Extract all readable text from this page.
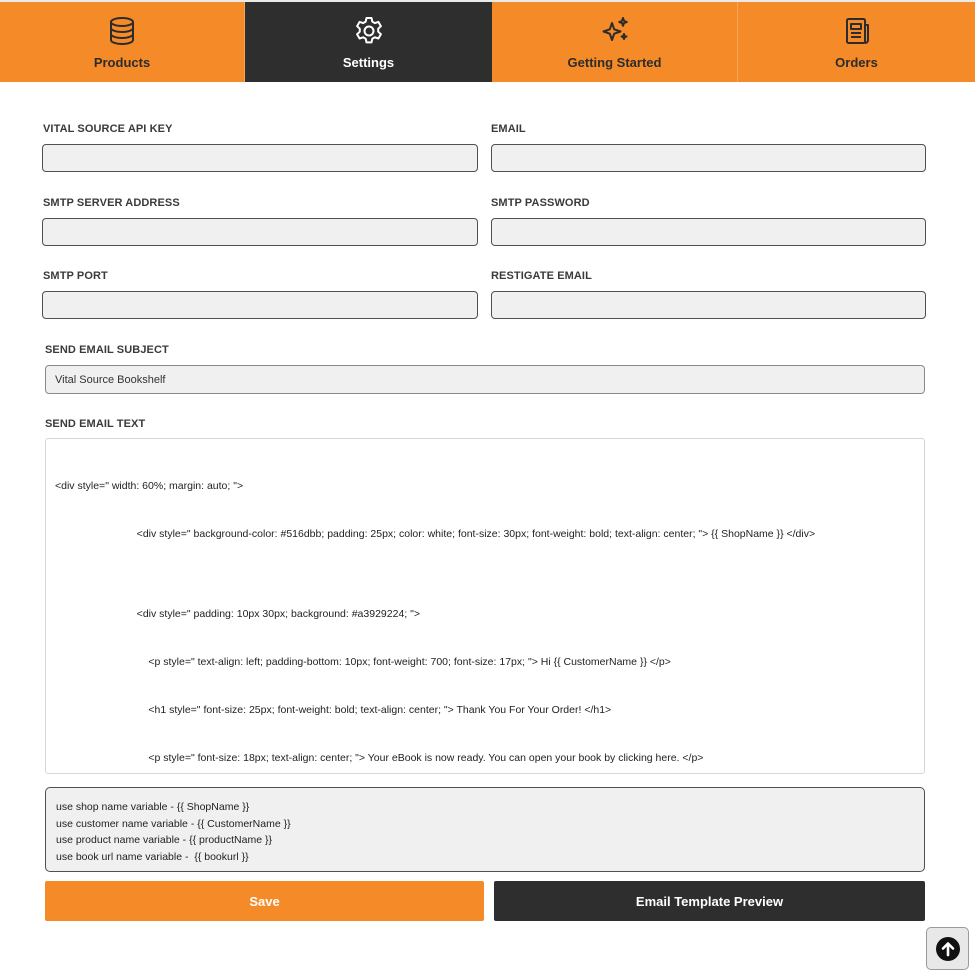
Products	Settings	Getting Started	Orders
VITAL SOURCE API KEY	EMAIL
SMTP SERVER ADDRESS	SMTP PASSWORD
SMTP PORT	RESTIGATE EMAIL
SEND EMAIL SUBJECT
Vital Source Bookshelf
SEND EMAIL TEXT

<div style=" width: 60%; margin: auto; ">

<div style=" background-color: #516dbb; padding: 25px; color: white; font-size: 30px; font-weight: bold; text-align: center; "> {{ ShopName }} </div>

<div style=" padding: 10px 30px; background: #a3929224; ">

<p style=" text-align: left; padding-bottom: 10px; font-weight: 700; font-size: 17px; "> Hi {{ CustomerName }} </p>

<h1 style=" font-size: 25px; font-weight: bold; text-align: center; "> Thank You For Your Order! </h1>

<p style=" font-size: 18px; text-align: center; "> Your eBook is now ready. You can open your book by clicking here. </p>

use shop name variable - {{ ShopName }}
use customer name variable - {{ CustomerName }}
use product name variable - {{ productName }}
use book url name variable -  {{ bookurl }}
Save	Email Template Preview
